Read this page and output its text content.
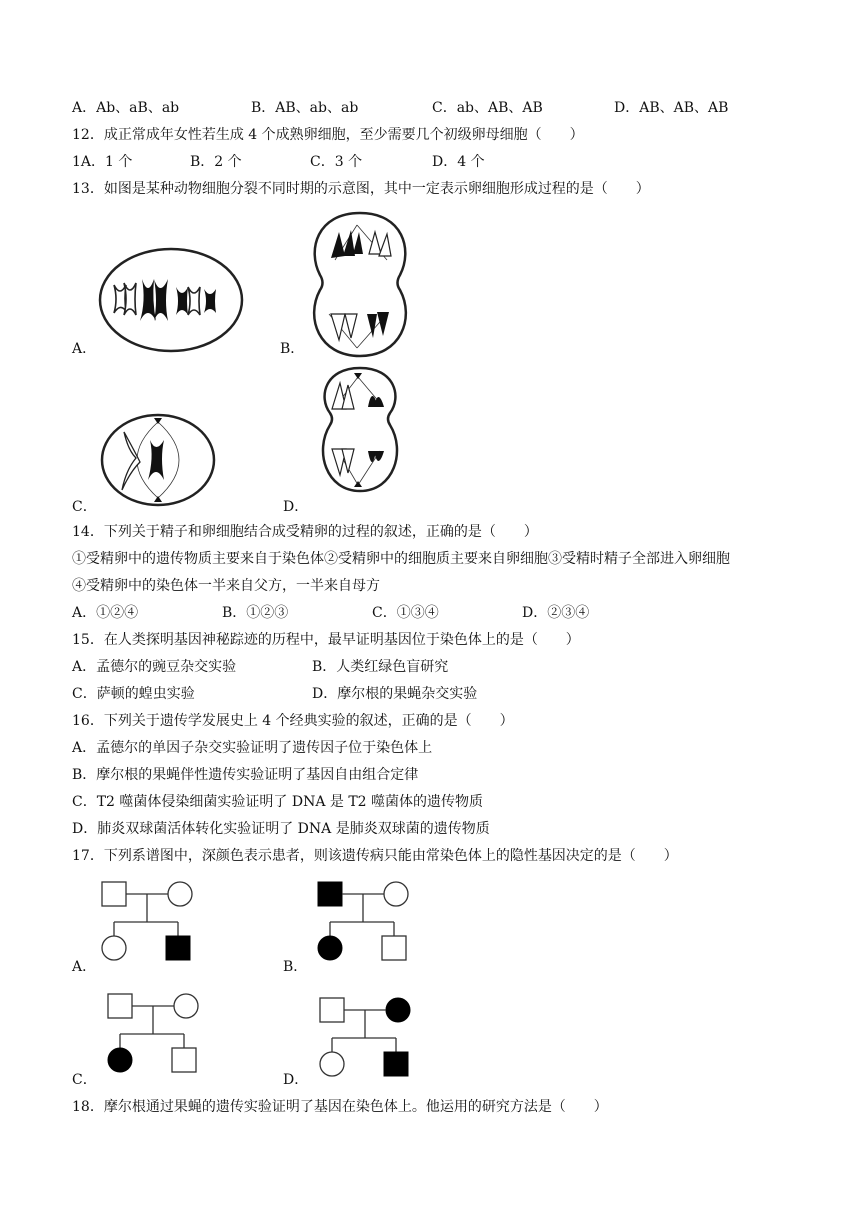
A．Ab、aB、ab	B．AB、ab、ab	C．ab、AB、AB	D．AB、AB、AB
12．成正常成年女性若生成 4 个成熟卵细胞，至少需要几个初级卵母细胞（　　）
1A．1 个	B．2 个	C．3 个	D．4 个
13．如图是某种动物细胞分裂不同时期的示意图，其中一定表示卵细胞形成过程的是（　　）
A．	B．
C．	D．
14．下列关于精子和卵细胞结合成受精卵的过程的叙述，正确的是（　　）
①受精卵中的遗传物质主要来自于染色体②受精卵中的细胞质主要来自卵细胞③受精时精子全部进入卵细胞
④受精卵中的染色体一半来自父方，一半来自母方
A．①②④	B．①②③	C．①③④	D．②③④
15．在人类探明基因神秘踪迹的历程中，最早证明基因位于染色体上的是（　　）
A．孟德尔的豌豆杂交实验	B．人类红绿色盲研究
C．萨顿的蝗虫实验	D．摩尔根的果蝇杂交实验
16．下列关于遗传学发展史上 4 个经典实验的叙述，正确的是（　　）
A．孟德尔的单因子杂交实验证明了遗传因子位于染色体上
B．摩尔根的果蝇伴性遗传实验证明了基因自由组合定律
C．T2 噬菌体侵染细菌实验证明了 DNA 是 T2 噬菌体的遗传物质
D．肺炎双球菌活体转化实验证明了 DNA 是肺炎双球菌的遗传物质
17．下列系谱图中，深颜色表示患者，则该遗传病只能由常染色体上的隐性基因决定的是（　　）
A．	B．
C．	D．
18．摩尔根通过果蝇的遗传实验证明了基因在染色体上。他运用的研究方法是（　　）
